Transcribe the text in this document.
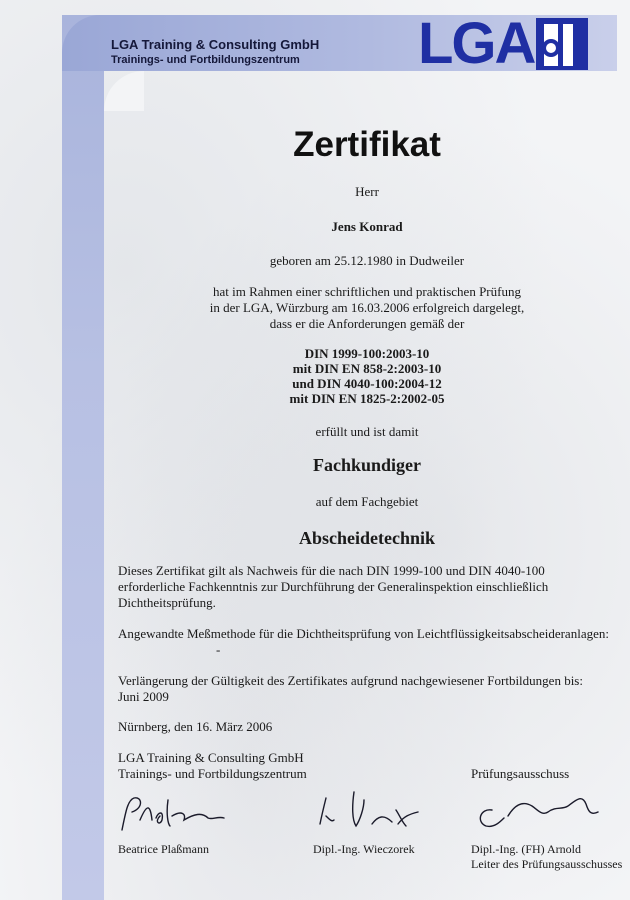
LGA Training & Consulting GmbH
Trainings- und Fortbildungszentrum	LGA
Zertifikat
Herr
Jens Konrad
geboren am 25.12.1980 in Dudweiler
hat im Rahmen einer schriftlichen und praktischen Prüfung
in der LGA, Würzburg am 16.03.2006 erfolgreich dargelegt,
dass er die Anforderungen gemäß der
DIN 1999-100:2003-10
mit DIN EN 858-2:2003-10
und DIN 4040-100:2004-12
mit DIN EN 1825-2:2002-05
erfüllt und ist damit
Fachkundiger
auf dem Fachgebiet
Abscheidetechnik
Dieses Zertifikat gilt als Nachweis für die nach DIN 1999-100 und DIN 4040-100
erforderliche Fachkenntnis zur Durchführung der Generalinspektion einschließlich
Dichtheitsprüfung.
Angewandte Meßmethode für die Dichtheitsprüfung von Leichtflüssigkeitsabscheideranlagen:
-
Verlängerung der Gültigkeit des Zertifikates aufgrund nachgewiesener Fortbildungen bis:
Juni 2009
Nürnberg, den 16. März 2006
LGA Training & Consulting GmbH
Trainings- und Fortbildungszentrum	Prüfungsausschuss
Beatrice Plaßmann	Dipl.-Ing. Wieczorek	Dipl.-Ing. (FH) Arnold
Leiter des Prüfungsausschusses
